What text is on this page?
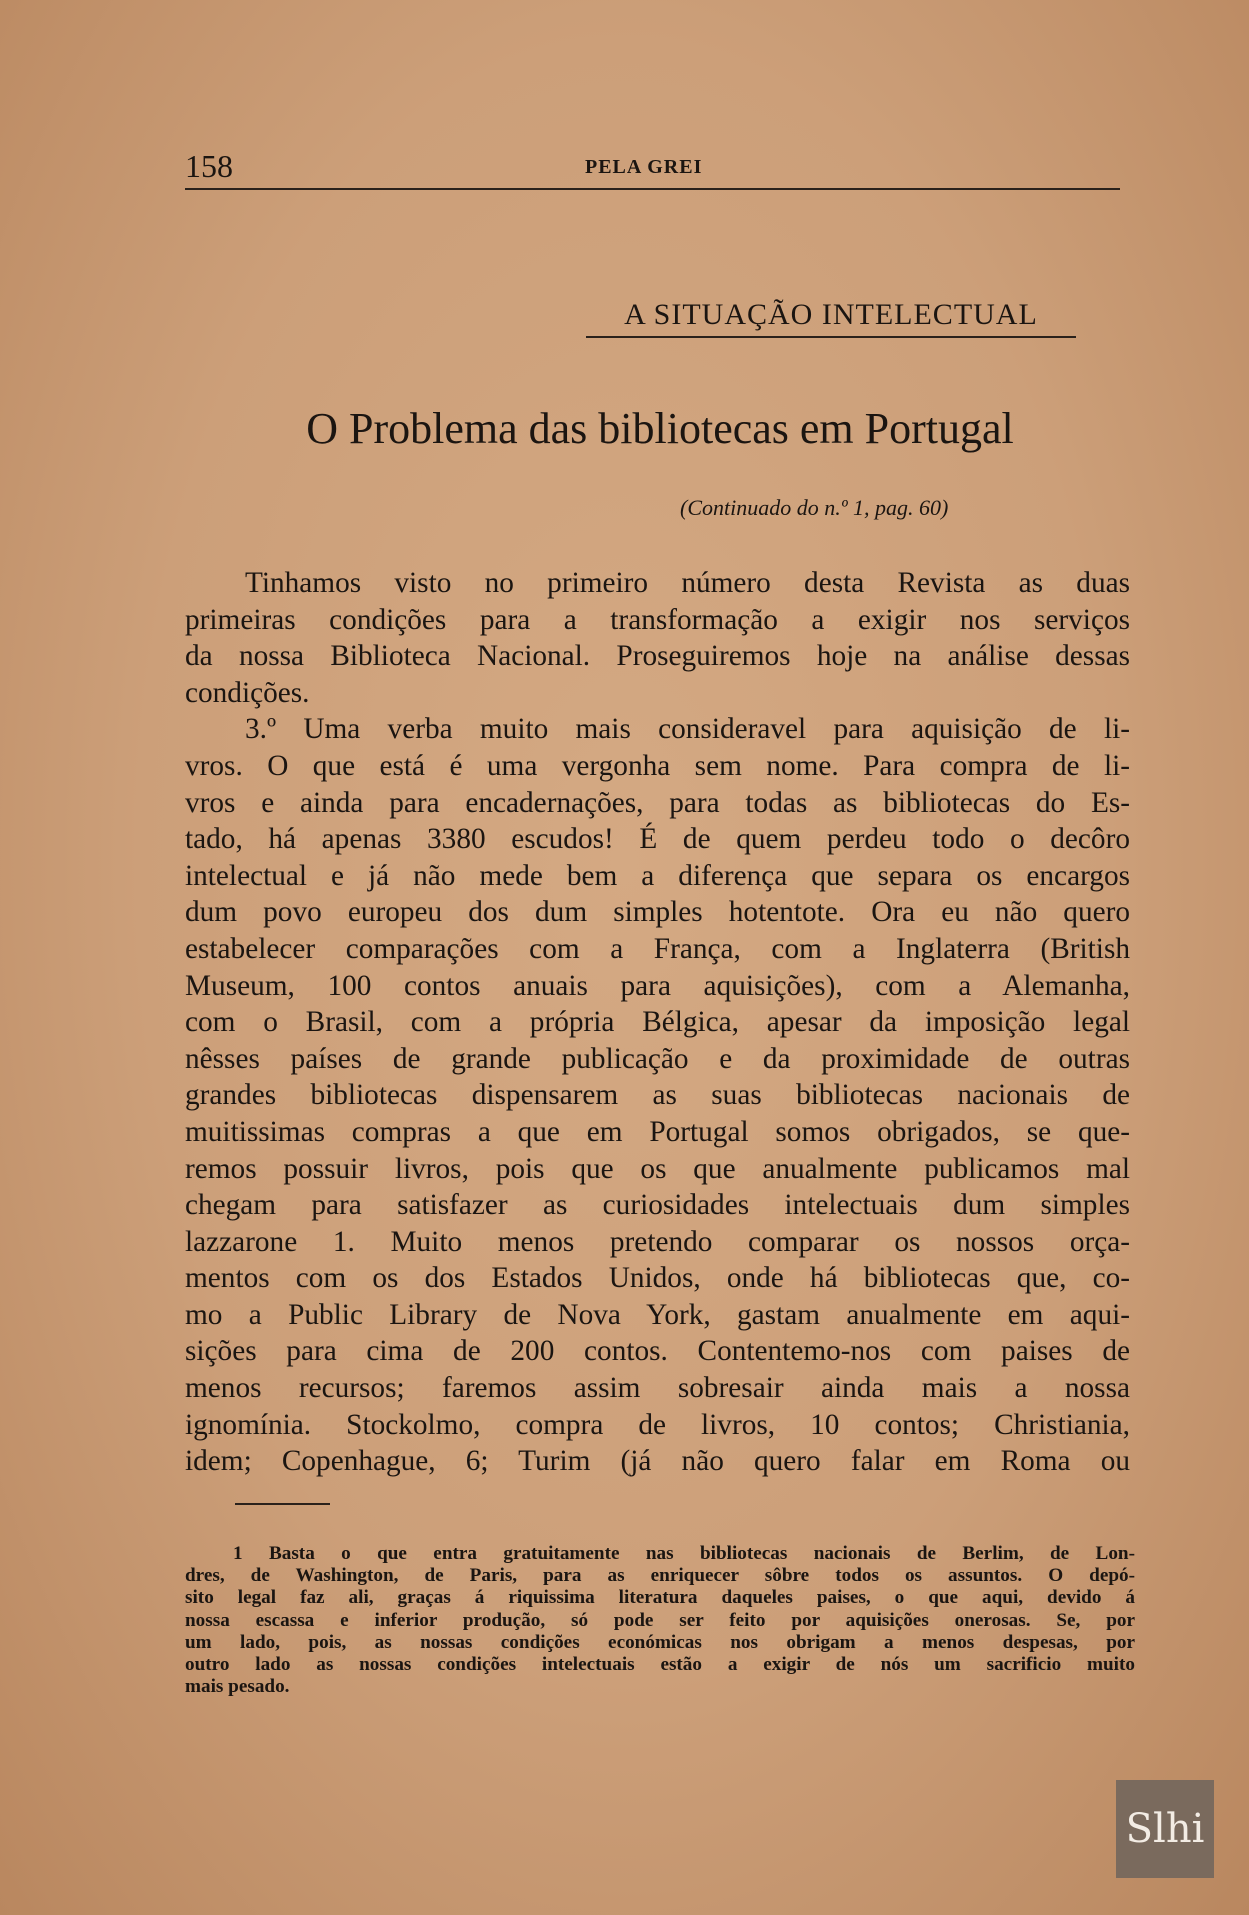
158	PELA GREI
A SITUAÇÃO INTELECTUAL
O Problema das bibliotecas em Portugal
(Continuado do n.º 1, pag. 60)
Tinhamos visto no primeiro número desta Revista as duas
primeiras condições para a transformação a exigir nos serviços
da nossa Biblioteca Nacional. Proseguiremos hoje na análise dessas
condições.
3.º Uma verba muito mais consideravel para aquisição de li-
vros. O que está é uma vergonha sem nome. Para compra de li-
vros e ainda para encadernações, para todas as bibliotecas do Es-
tado, há apenas 3380 escudos! É de quem perdeu todo o decôro
intelectual e já não mede bem a diferença que separa os encargos
dum povo europeu dos dum simples hotentote. Ora eu não quero
estabelecer comparações com a França, com a Inglaterra (British
Museum, 100 contos anuais para aquisições), com a Alemanha,
com o Brasil, com a própria Bélgica, apesar da imposição legal
nêsses países de grande publicação e da proximidade de outras
grandes bibliotecas dispensarem as suas bibliotecas nacionais de
muitissimas compras a que em Portugal somos obrigados, se que-
remos possuir livros, pois que os que anualmente publicamos mal
chegam para satisfazer as curiosidades intelectuais dum simples
lazzarone 1. Muito menos pretendo comparar os nossos orça-
mentos com os dos Estados Unidos, onde há bibliotecas que, co-
mo a Public Library de Nova York, gastam anualmente em aqui-
sições para cima de 200 contos. Contentemo-nos com paises de
menos recursos; faremos assim sobresair ainda mais a nossa
ignomínia. Stockolmo, compra de livros, 10 contos; Christiania,
idem; Copenhague, 6; Turim (já não quero falar em Roma ou
1 Basta o que entra gratuitamente nas bibliotecas nacionais de Berlim, de Lon-
dres, de Washington, de Paris, para as enriquecer sôbre todos os assuntos. O depó-
sito legal faz ali, graças á riquissima literatura daqueles paises, o que aqui, devido á
nossa escassa e inferior produção, só pode ser feito por aquisições onerosas. Se, por
um lado, pois, as nossas condições económicas nos obrigam a menos despesas, por
outro lado as nossas condições intelectuais estão a exigir de nós um sacrificio muito
mais pesado.
Slhi
